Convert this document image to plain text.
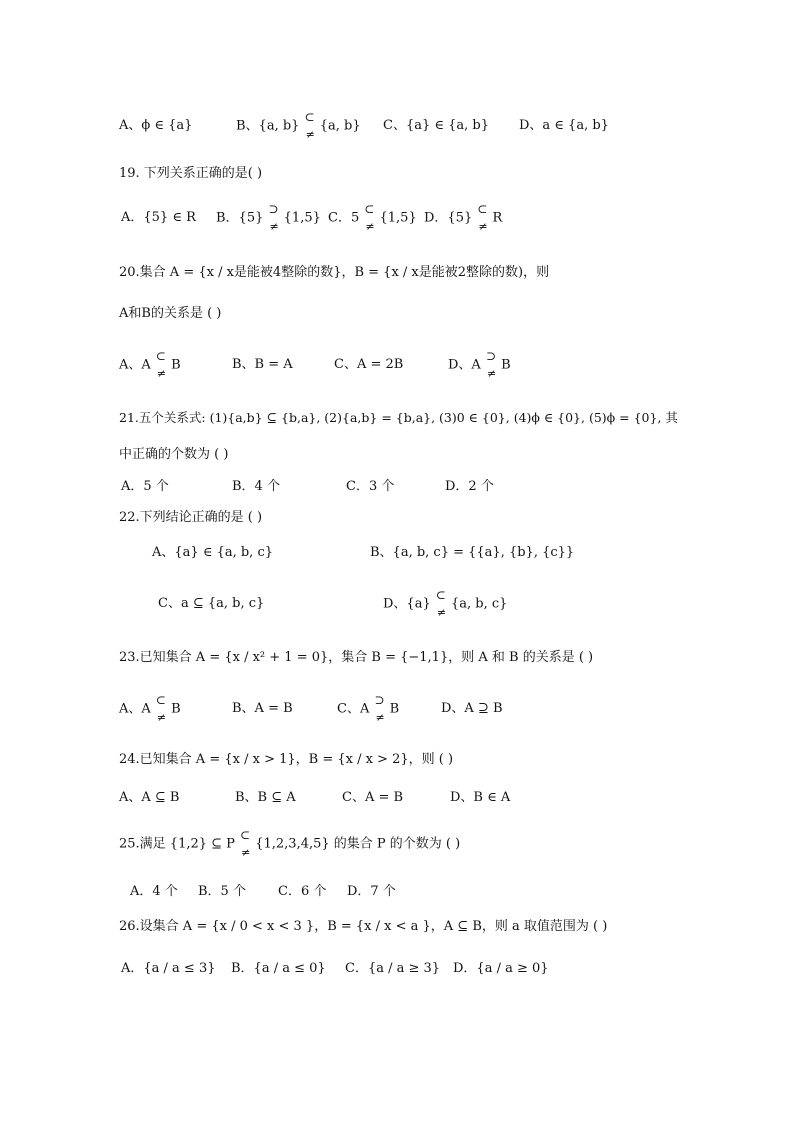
A、ϕ ∈ {a}	B、{a, b}
⊂
≠
{a, b} C、{a} ∈ {a, b} D、a ∈ {a, b}
19. 下列关系正确的是( )
A．{5} ∈ R B．{5}
⊃
≠
{1,5} C．5
⊂
≠
{1,5} D．{5}
⊂
≠
R
20.集合 A = {x / x是能被4整除的数}，B = {x / x是能被2整除的数)，则
A和B的关系是 ( )
A、A
⊂
≠
B	B、B = A	C、A = 2B	D、A
⊃
≠
B
21.五个关系式: (1){a,b} ⊆ {b,a}, (2){a,b} = {b,a}, (3)0 ∈ {0}, (4)ϕ ∈ {0}, (5)ϕ = {0}, 其
中正确的个数为 ( )
A．5 个	B．4 个	C．3 个	D．2 个
22.下列结论正确的是 ( )
A、{a} ∈ {a, b, c}	B、{a, b, c} = {{a}, {b}, {c}}
C、a ⊆ {a, b, c}	D、{a}
⊂
≠
{a, b, c}
23.已知集合 A = {x / x² + 1 = 0}，集合 B = {−1,1}，则 A 和 B 的关系是 ( )
A、A
⊂
≠
B	B、A = B	C、A
⊃
≠
B	D、A ⊇ B
24.已知集合 A = {x / x > 1}，B = {x / x > 2}，则 ( )
A、A ⊆ B	B、B ⊆ A	C、A = B	D、B ∈ A
25.满足 {1,2} ⊆ P
⊂
≠
{1,2,3,4,5} 的集合 P 的个数为 ( )
A．4 个 B．5 个 C．6 个 D．7 个
26.设集合 A = {x / 0 < x < 3 }，B = {x / x < a }，A ⊆ B，则 a 取值范围为 ( )
A．{a / a ≤ 3} B．{a / a ≤ 0} C．{a / a ≥ 3} D．{a / a ≥ 0}
